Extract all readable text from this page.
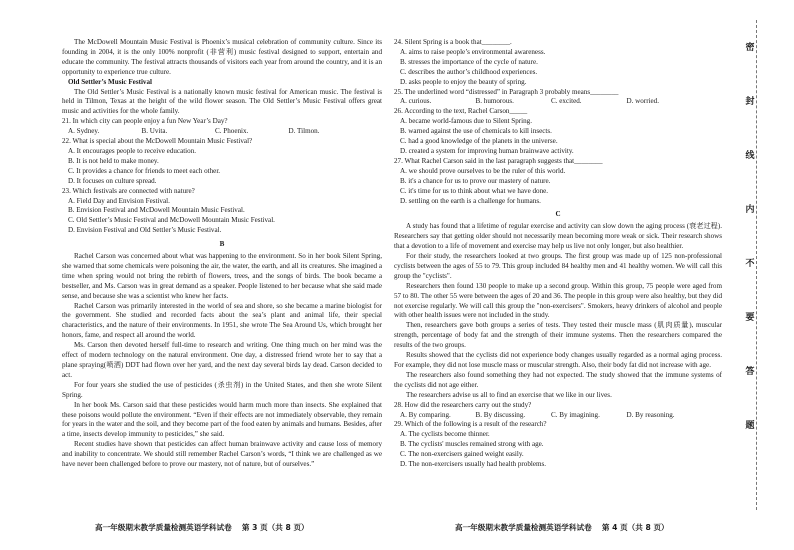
The McDowell Mountain Music Festival is Phoenix’s musical celebration of community culture. Since its founding in 2004, it is the only 100% nonprofit (非营利) music festival designed to support, entertain and educate the community. The festival attracts thousands of visitors each year from around the country, and it is an opportunity to experience true culture.
Old Settler’s Music Festival
The Old Settler’s Music Festival is a nationally known music festival for American music. The festival is held in Tilmon, Texas at the height of the wild flower season. The Old Settler’s Music Festival offers great music and activities for the whole family.
21. In which city can people enjoy a fun New Year’s Day?
A. Sydney.	B. Uvita.	C. Phoenix.	D. Tilmon.
22. What is special about the McDowell Mountain Music Festival?
A. It encourages people to receive education.
B. It is not held to make money.
C. It provides a chance for friends to meet each other.
D. It focuses on culture spread.
23. Which festivals are connected with nature?
A. Field Day and Envision Festival.
B. Envision Festival and McDowell Mountain Music Festival.
C. Old Settler’s Music Festival and McDowell Mountain Music Festival.
D. Envision Festival and Old Settler’s Music Festival.
B
Rachel Carson was concerned about what was happening to the environment. So in her book Silent Spring, she warned that some chemicals were poisoning the air, the water, the earth, and all its creatures. She imagined a time when spring would not bring the rebirth of flowers, trees, and the songs of birds. The book became a bestseller, and Ms. Carson was in great demand as a speaker. People listened to her because what she said made sense, and because she was a scientist who knew her facts.
Rachel Carson was primarily interested in the world of sea and shore, so she became a marine biologist for the government. She studied and recorded facts about the sea’s plant and animal life, their special characteristics, and the nature of their environments. In 1951, she wrote The Sea Around Us, which brought her honors, fame, and respect all around the world.
Ms. Carson then devoted herself full-time to research and writing. One thing much on her mind was the effect of modern technology on the natural environment. One day, a distressed friend wrote her to say that a plane spraying(喷洒) DDT had flown over her yard, and the next day several birds lay dead. Carson decided to act.
For four years she studied the use of pesticides (杀虫剂) in the United States, and then she wrote Silent Spring.
In her book Ms. Carson said that these pesticides would harm much more than insects. She explained that these poisons would pollute the environment. “Even if their effects are not immediately observable, they remain for years in the water and the soil, and they become part of the food eaten by animals and humans. Besides, after a time, insects develop immunity to pesticides,” she said.
Recent studies have shown that pesticides can affect human brainwave activity and cause loss of memory and inability to concentrate. We should still remember Rachel Carson’s words, “I think we are challenged as we have never been challenged before to prove our mastery, not of nature, but of ourselves.”
24. Silent Spring is a book that________.
A. aims to raise people’s environmental awareness.
B. stresses the importance of the cycle of nature.
C. describes the author’s childhood experiences.
D. asks people to enjoy the beauty of spring.
25. The underlined word “distressed” in Paragraph 3 probably means________
A. curious.	B. humorous.	C. excited.	D. worried.
26. According to the text, Rachel Carson_____
A. became world-famous due to Silent Spring.
B. warned against the use of chemicals to kill insects.
C. had a good knowledge of the planets in the universe.
D. created a system for improving human brainwave activity.
27. What Rachel Carson said in the last paragraph suggests that________
A. we should prove ourselves to be the ruler of this world.
B. it's a chance for us to prove our mastery of nature.
C. it's time for us to think about what we have done.
D. settling on the earth is a challenge for humans.
C
A study has found that a lifetime of regular exercise and activity can slow down the aging process (衰老过程). Researchers say that getting older should not necessarily mean becoming more weak or sick. Their research shows that a devotion to a life of movement and exercise may help us live not only longer, but also healthier.
For their study, the researchers looked at two groups. The first group was made up of 125 non-professional cyclists between the ages of 55 to 79. This group included 84 healthy men and 41 healthy women. We will call this group the "cyclists".
Researchers then found 130 people to make up a second group. Within this group, 75 people were aged from 57 to 80. The other 55 were between the ages of 20 and 36. The people in this group were also healthy, but they did not exercise regularly. We will call this group the "non-exercisers". Smokers, heavy drinkers of alcohol and people with other health issues were not included in the study.
Then, researchers gave both groups a series of tests. They tested their muscle mass (肌肉质量), muscular strength, percentage of body fat and the strength of their immune systems. Then the researchers compared the results of the two groups.
Results showed that the cyclists did not experience body changes usually regarded as a normal aging process. For example, they did not lose muscle mass or muscular strength. Also, their body fat did not increase with age.
The researchers also found something they had not expected. The study showed that the immune systems of the cyclists did not age either.
The researchers advise us all to find an exercise that we like in our lives.
28. How did the researchers carry out the study?
A. By comparing.	B. By discussing.	C. By imagining.	D. By reasoning.
29. Which of the following is a result of the research?
A. The cyclists become thinner.
B. The cyclists' muscles remained strong with age.
C. The non-exercisers gained weight easily.
D. The non-exercisers usually had health problems.
高一年级期末教学质量检测英语学科试卷　 第 3 页（共 8 页）	高一年级期末教学质量检测英语学科试卷　 第 4 页（共 8 页）
密
封
线
内
不
要
答
题
